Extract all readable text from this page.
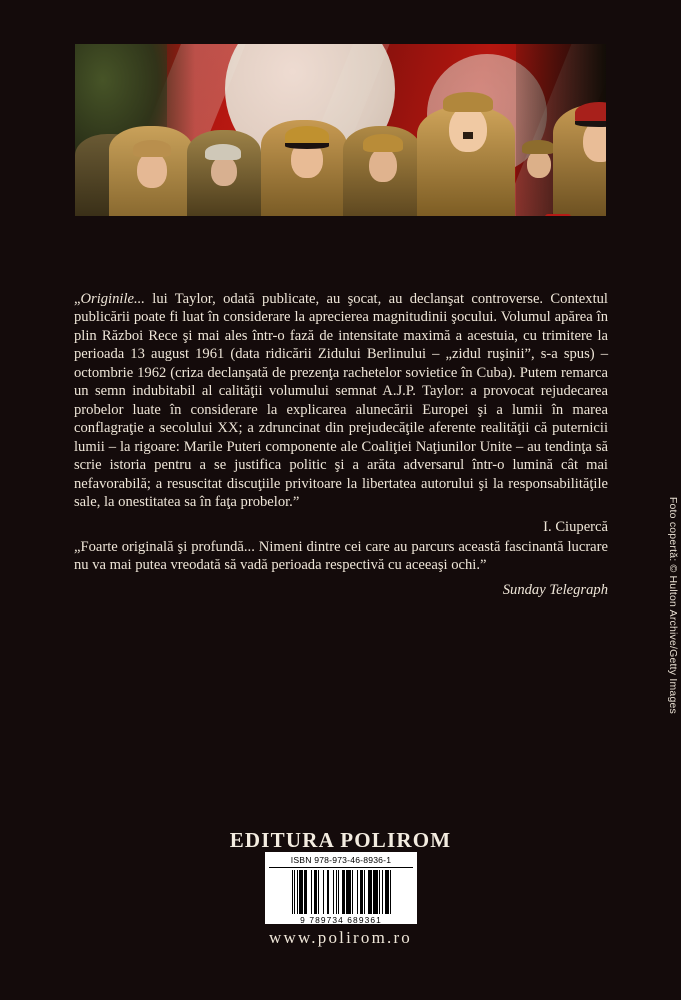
„Originile... lui Taylor, odată publicate, au şocat, au declanşat controverse. Contextul publicării poate fi luat în considerare la aprecierea magnitudinii şocului. Volumul apărea în plin Război Rece şi mai ales într-o fază de intensitate maximă a acestuia, cu trimitere la perioada 13 august 1961 (data ridicării Zidului Berlinului – „zidul ruşinii”, s-a spus) – octombrie 1962 (criza declanşată de prezenţa rachetelor sovietice în Cuba). Putem remarca un semn indubitabil al calităţii volumului semnat A.J.P. Taylor: a provocat rejudecarea probelor luate în considerare la explicarea alunecării Europei şi a lumii în marea conflagraţie a secolului XX; a zdruncinat din prejudecăţile aferente realităţii că puternicii lumii – la rigoare: Marile Puteri componente ale Coaliţiei Naţiunilor Unite – au tendinţa să scrie istoria pentru a se justifica politic şi a arăta adversarul într-o lumină cât mai nefavorabilă; a resuscitat discuţiile privitoare la libertatea autorului şi la responsabilităţile sale, la onestitatea sa în faţa probelor.”

I. Ciupercă

„Foarte originală şi profundă... Nimeni dintre cei care au parcurs această fascinantă lucrare nu va mai putea vreodată să vadă perioada respectivă cu aceeaşi ochi.”

Sunday Telegraph

EDITURA POLIROM
ISBN 978-973-46-8936-1
9 789734 689361
www.polirom.ro
Foto copertă: © Hulton Archive/Getty Images
